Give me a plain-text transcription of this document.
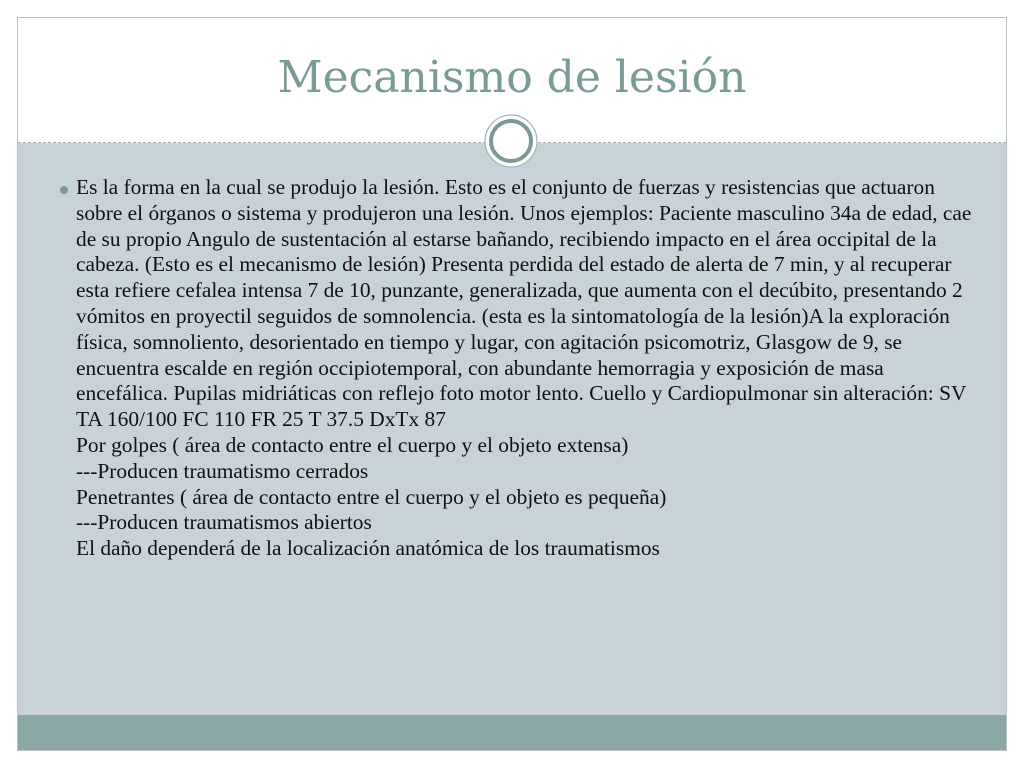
Mecanismo de lesión
Es la forma en la cual se produjo la lesión. Esto es el conjunto de fuerzas y resistencias que actuaron sobre el órganos o sistema y produjeron una lesión. Unos ejemplos: Paciente masculino 34a de edad, cae de su propio Angulo de sustentación al estarse bañando, recibiendo impacto en el área occipital de la cabeza. (Esto es el mecanismo de lesión) Presenta perdida del estado de alerta de 7 min, y al recuperar esta refiere cefalea intensa 7 de 10, punzante, generalizada, que aumenta con el decúbito, presentando 2 vómitos en proyectil seguidos de somnolencia. (esta es la sintomatología de la lesión)A la exploración física, somnoliento, desorientado en tiempo y lugar, con agitación psicomotriz, Glasgow de 9, se encuentra escalde en región occipiotemporal, con abundante hemorragia y exposición de masa encefálica. Pupilas midriáticas con reflejo foto motor lento. Cuello y Cardiopulmonar sin alteración: SV TA 160/100 FC 110 FR 25 T 37.5 DxTx 87
Por golpes ( área de contacto entre el cuerpo y el objeto extensa)
---Producen traumatismo cerrados
Penetrantes ( área de contacto entre el cuerpo y el objeto es pequeña)
---Producen traumatismos abiertos
El daño dependerá de la localización anatómica de los traumatismos
